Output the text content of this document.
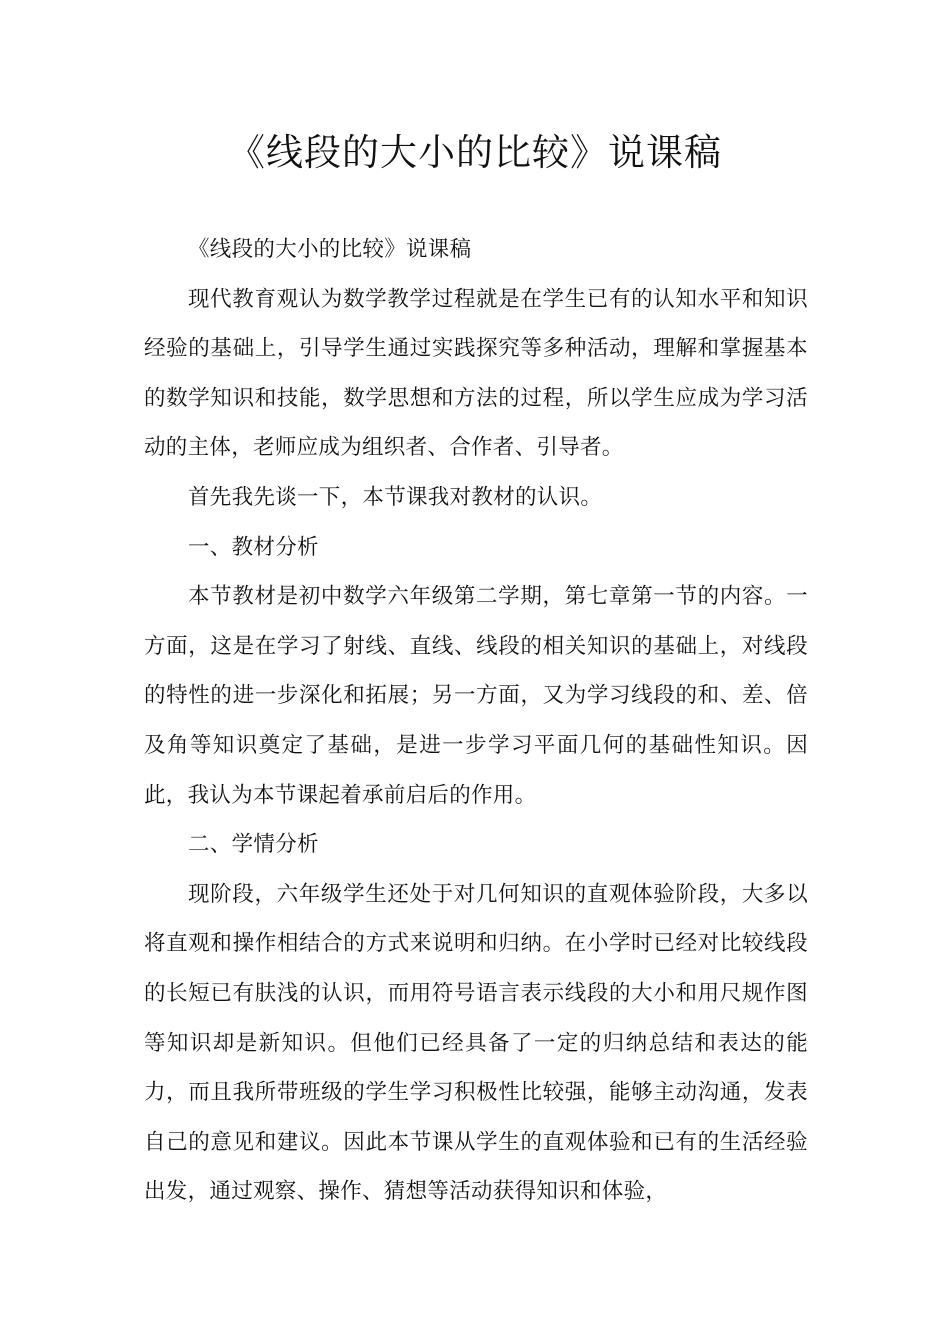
《线段的大小的比较》说课稿

《线段的大小的比较》说课稿

现代教育观认为数学教学过程就是在学生已有的认知水平和知识经验的基础上，引导学生通过实践探究等多种活动，理解和掌握基本的数学知识和技能，数学思想和方法的过程，所以学生应成为学习活动的主体，老师应成为组织者、合作者、引导者。

首先我先谈一下，本节课我对教材的认识。

一、教材分析

本节教材是初中数学六年级第二学期，第七章第一节的内容。一方面，这是在学习了射线、直线、线段的相关知识的基础上，对线段的特性的进一步深化和拓展；另一方面，又为学习线段的和、差、倍 及角等知识奠定了基础，是进一步学习平面几何的基础性知识。因此，我认为本节课起着承前启后的作用。

二、学情分析

现阶段，六年级学生还处于对几何知识的直观体验阶段，大多以将直观和操作相结合的方式来说明和归纳。在小学时已经对比较线段的长短已有肤浅的认识，而用符号语言表示线段的大小和用尺规作图等知识却是新知识。但他们已经具备了一定的归纳总结和表达的能力，而且我所带班级的学生学习积极性比较强，能够主动沟通，发表自己的意见和建议。因此本节课从学生的直观体验和已有的生活经验出发，通过观察、操作、猜想等活动获得知识和体验，
